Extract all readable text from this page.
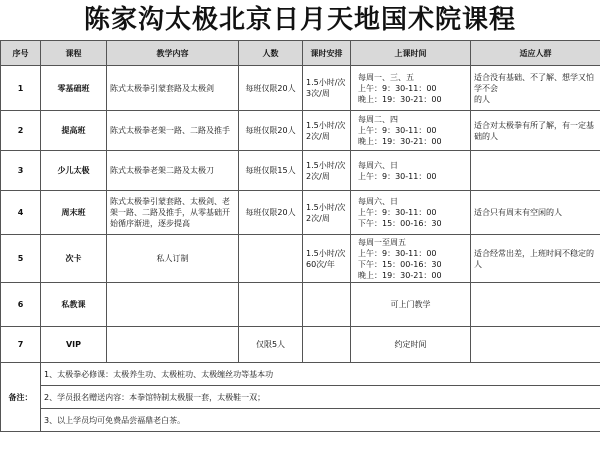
陈家沟太极北京日月天地国术院课程
序号	课程	教学内容	人数	课时安排	上课时间	适应人群
1	零基础班	陈式太极拳引蒙套路及太极剑	每班仅限20人	1.5小时/次
3次/周	每周一、三、五
上午：9：30-11：00
晚上：19：30-21：00	适合没有基础、不了解、想学又怕学不会
的人

2	提高班	陈式太极拳老架一路、二路及推手	每班仅限20人	1.5小时/次
2次/周	每周二、四
上午：9：30-11：00
晚上：19：30-21：00	适合对太极拳有所了解，有一定基础的人

3	少儿太极	陈式太极拳老架二路及太极刀	每班仅限15人	1.5小时/次
2次/周	每周六、日
上午：9：30-11：00	

4	周末班	陈式太极拳引蒙套路、太极剑、老
架一路、二路及推手，从零基础开
始循序渐进，逐步提高	每班仅限20人	1.5小时/次
2次/周	每周六、日
上午：9：30-11：00
下午：15：00-16：30	适合只有周末有空闲的人

5	次卡	私人订制		1.5小时/次
60次/年	每周一至周五
上午：9：30-11：00
下午：15：00-16：30
晚上：19：30-21：00	适合经常出差，上班时间不稳定的人

6	私教课				可上门教学	

7	VIP		仅限5人		约定时间	

备注：	1、太极拳必修课：太极养生功、太极桩功、太极缠丝功等基本功					
	2、学员报名赠送内容：本拳馆特制太极服一套，太极鞋一双；					
	3、以上学员均可免费品尝福鼎老白茶。					
